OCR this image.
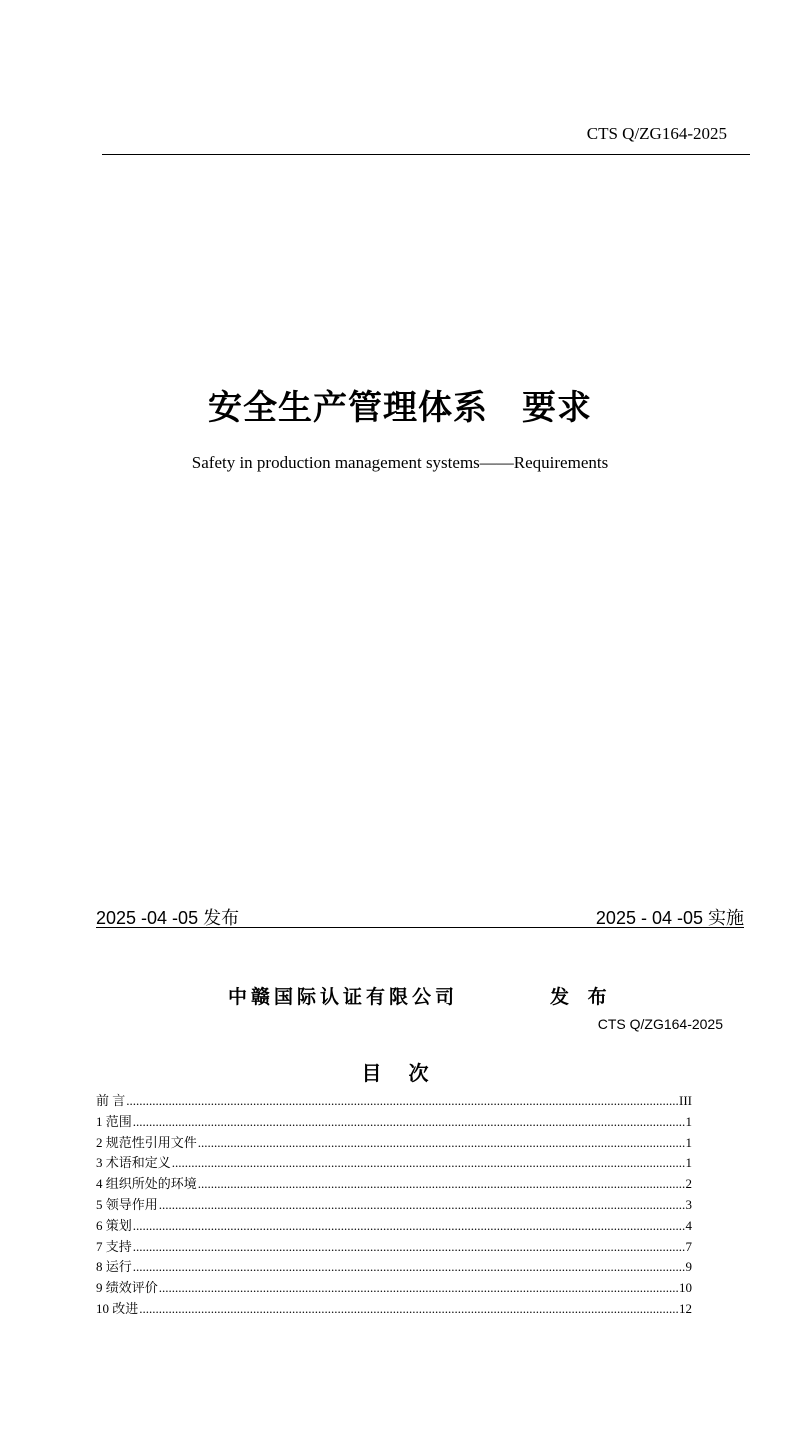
CTS Q/ZG164-2025
安全生产管理体系 要求
Safety in production management systems——Requirements
2025 -04 -05 发布	2025 - 04 -05 实施
中赣国际认证有限公司	发 布
CTS Q/ZG164-2025
目 次
前 言 .....	III
1 范围 .....	1
2 规范性引用文件 .....	1
3 术语和定义 .....	1
4 组织所处的环境 .....	2
5 领导作用 .....	3
6 策划 .....	4
7 支持 .....	7
8 运行 .....	9
9 绩效评价 .....	10
10 改进 .....	12
